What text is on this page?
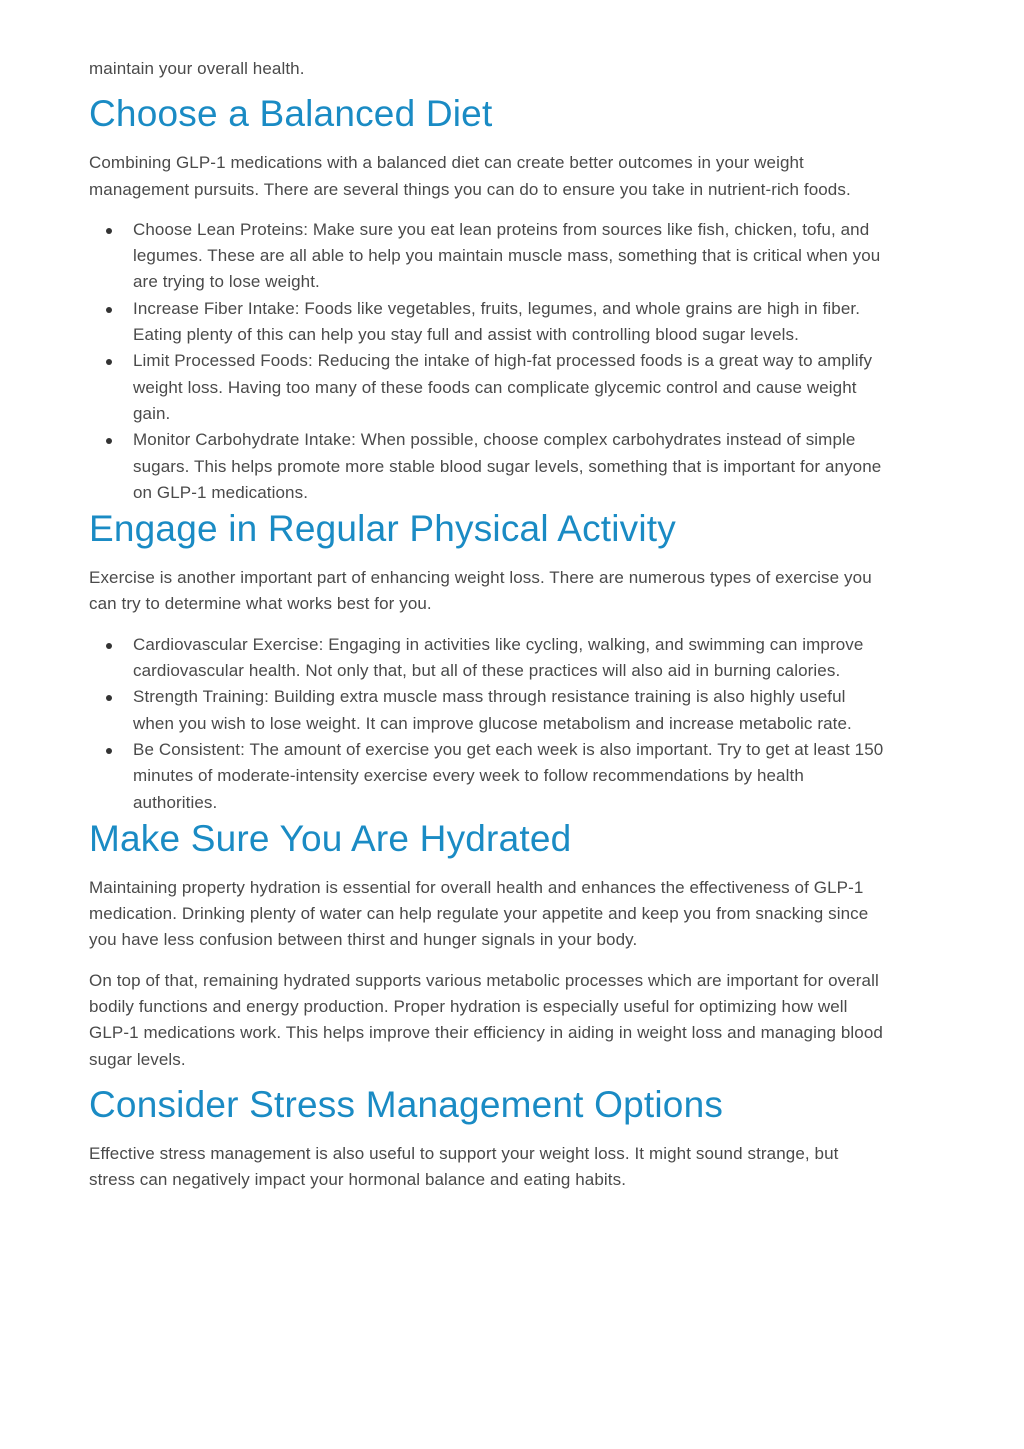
maintain your overall health.

Choose a Balanced Diet

Combining GLP-1 medications with a balanced diet can create better outcomes in your weight management pursuits. There are several things you can do to ensure you take in nutrient-rich foods.

Choose Lean Proteins: Make sure you eat lean proteins from sources like fish, chicken, tofu, and legumes. These are all able to help you maintain muscle mass, something that is critical when you are trying to lose weight.
Increase Fiber Intake: Foods like vegetables, fruits, legumes, and whole grains are high in fiber. Eating plenty of this can help you stay full and assist with controlling blood sugar levels.
Limit Processed Foods: Reducing the intake of high-fat processed foods is a great way to amplify weight loss. Having too many of these foods can complicate glycemic control and cause weight gain.
Monitor Carbohydrate Intake: When possible, choose complex carbohydrates instead of simple sugars. This helps promote more stable blood sugar levels, something that is important for anyone on GLP-1 medications.
Engage in Regular Physical Activity

Exercise is another important part of enhancing weight loss. There are numerous types of exercise you can try to determine what works best for you.

Cardiovascular Exercise: Engaging in activities like cycling, walking, and swimming can improve cardiovascular health. Not only that, but all of these practices will also aid in burning calories.
Strength Training: Building extra muscle mass through resistance training is also highly useful when you wish to lose weight. It can improve glucose metabolism and increase metabolic rate.
Be Consistent: The amount of exercise you get each week is also important. Try to get at least 150 minutes of moderate-intensity exercise every week to follow recommendations by health authorities.
Make Sure You Are Hydrated

Maintaining property hydration is essential for overall health and enhances the effectiveness of GLP-1 medication. Drinking plenty of water can help regulate your appetite and keep you from snacking since you have less confusion between thirst and hunger signals in your body.

On top of that, remaining hydrated supports various metabolic processes which are important for overall bodily functions and energy production. Proper hydration is especially useful for optimizing how well GLP-1 medications work. This helps improve their efficiency in aiding in weight loss and managing blood sugar levels.

Consider Stress Management Options

Effective stress management is also useful to support your weight loss. It might sound strange, but stress can negatively impact your hormonal balance and eating habits.
